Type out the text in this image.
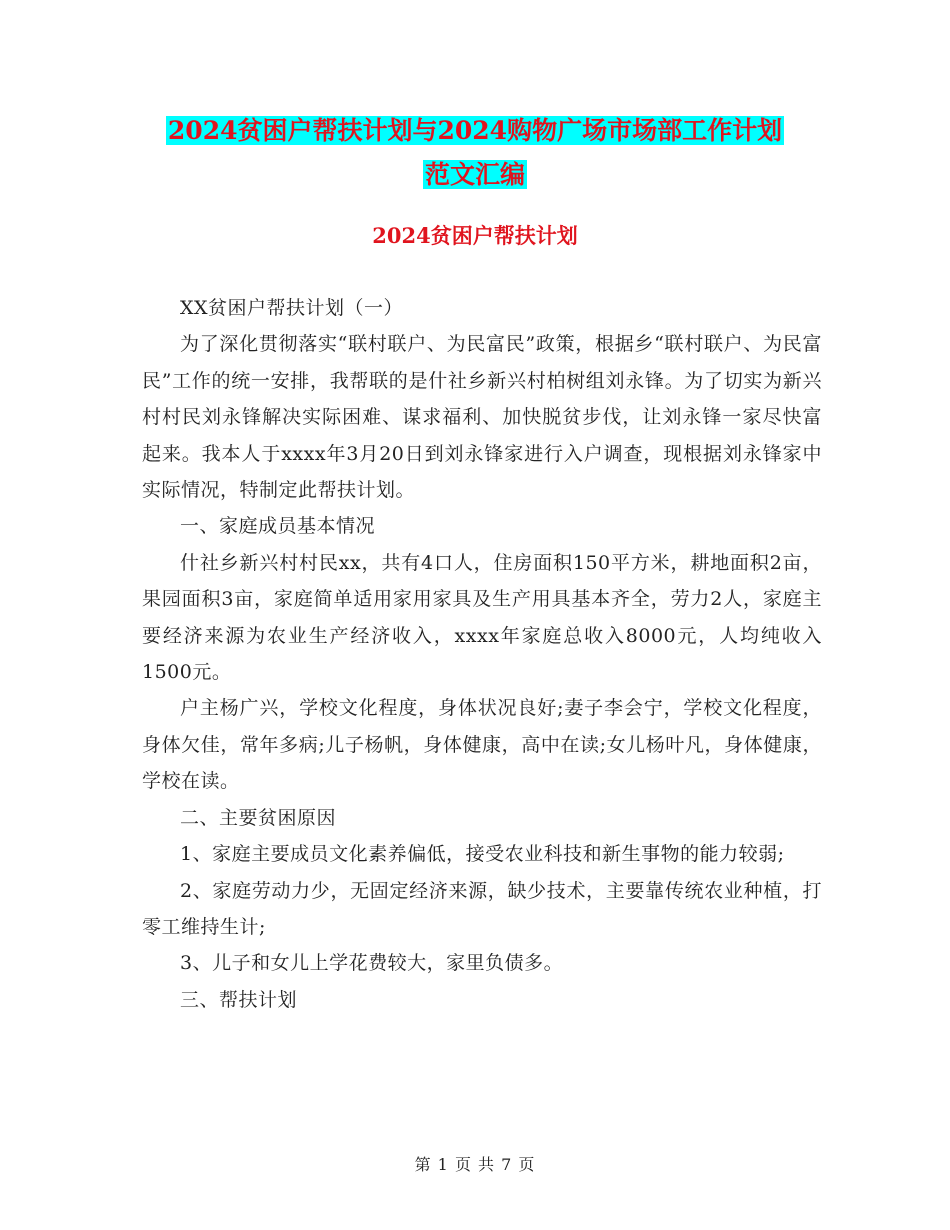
2024贫困户帮扶计划与2024购物广场市场部工作计划
范文汇编
2024贫困户帮扶计划

XX贫困户帮扶计划（一）

为了深化贯彻落实“联村联户、为民富民”政策，根据乡“联村联户、为民富民”工作的统一安排，我帮联的是什社乡新兴村柏树组刘永锋。为了切实为新兴村村民刘永锋解决实际困难、谋求福利、加快脱贫步伐，让刘永锋一家尽快富起来。我本人于xxxx年3月20日到刘永锋家进行入户调查，现根据刘永锋家中实际情况，特制定此帮扶计划。

一、家庭成员基本情况

什社乡新兴村村民xx，共有4口人，住房面积150平方米，耕地面积2亩，果园面积3亩，家庭简单适用家用家具及生产用具基本齐全，劳力2人，家庭主要经济来源为农业生产经济收入，xxxx年家庭总收入8000元，人均纯收入1500元。

户主杨广兴，学校文化程度，身体状况良好;妻子李会宁，学校文化程度，身体欠佳，常年多病;儿子杨帆，身体健康，高中在读;女儿杨叶凡，身体健康，学校在读。

二、主要贫困原因

1、家庭主要成员文化素养偏低，接受农业科技和新生事物的能力较弱;

2、家庭劳动力少，无固定经济来源，缺少技术，主要靠传统农业种植，打零工维持生计;

3、儿子和女儿上学花费较大，家里负债多。

三、帮扶计划

第 1 页 共 7 页
